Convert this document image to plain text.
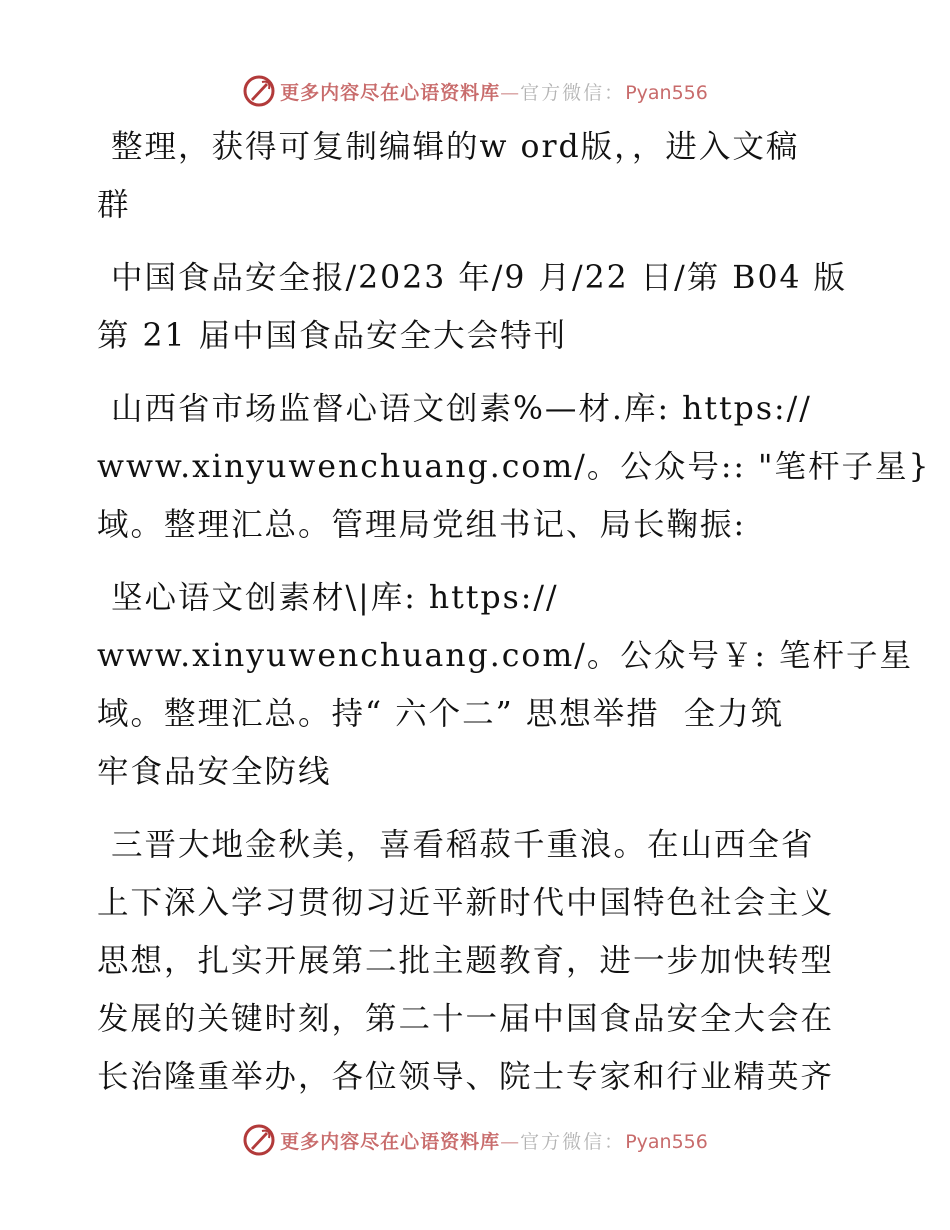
更多内容尽在心语资料库—官方微信：Pyan556
整理，获得可复制编辑的w ord版，，进入文稿
群
中国食品安全报/2023 年/9 月/22 日/第 B04 版
第 21 届中国食品安全大会特刊
山西省市场监督心语文创素%—材.库: https://
www.xinyuwenchuang.com/。公众号:: "笔杆子星}
域。整理汇总。管理局党组书记、局长鞠振:
坚心语文创素材\|库: https://
www.xinyuwenchuang.com/。公众号￥: 笔杆子星
域。整理汇总。持“ 六个二” 思想举措  全力筑
牢食品安全防线
三晋大地金秋美，喜看稻菽千重浪。在山西全省
上下深入学习贯彻习近平新时代中国特色社会主义
思想，扎实开展第二批主题教育，进一步加快转型
发展的关键时刻，第二十一届中国食品安全大会在
长治隆重举办，各位领导、院士专家和行业精英齐
更多内容尽在心语资料库—官方微信：Pyan556
